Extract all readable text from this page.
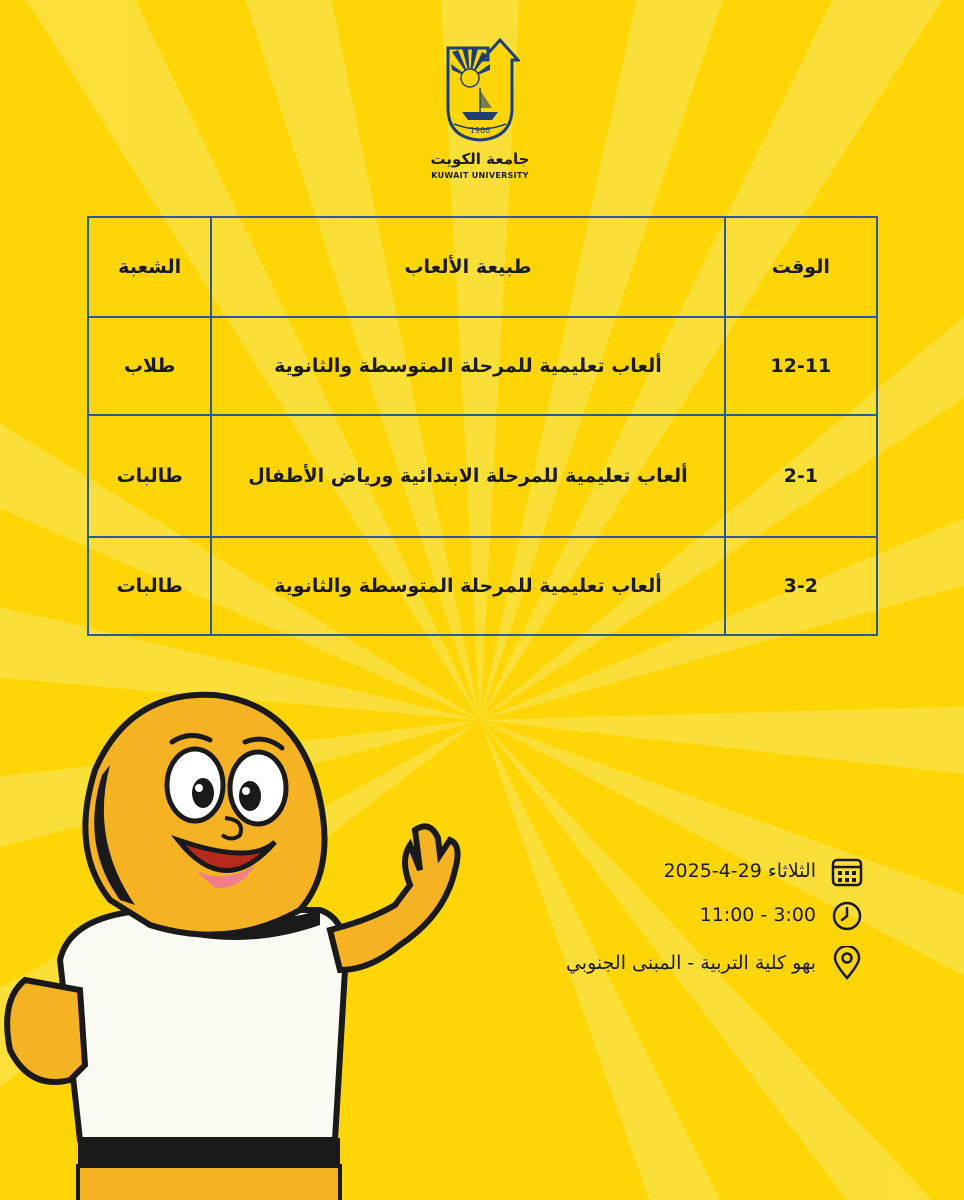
1966
جامعة الكويت
KUWAIT UNIVERSITY
الوقت	طبيعة الألعاب	الشعبة
12-11	ألعاب تعليمية للمرحلة المتوسطة والثانوية	طلاب
2-1	ألعاب تعليمية للمرحلة الابتدائية ورياض الأطفال	طالبات
3-2	ألعاب تعليمية للمرحلة المتوسطة والثانوية	طالبات
الثلاثاء 29-4-2025
3:00 - 11:00
بهو كلية التربية - المبنى الجنوبي
